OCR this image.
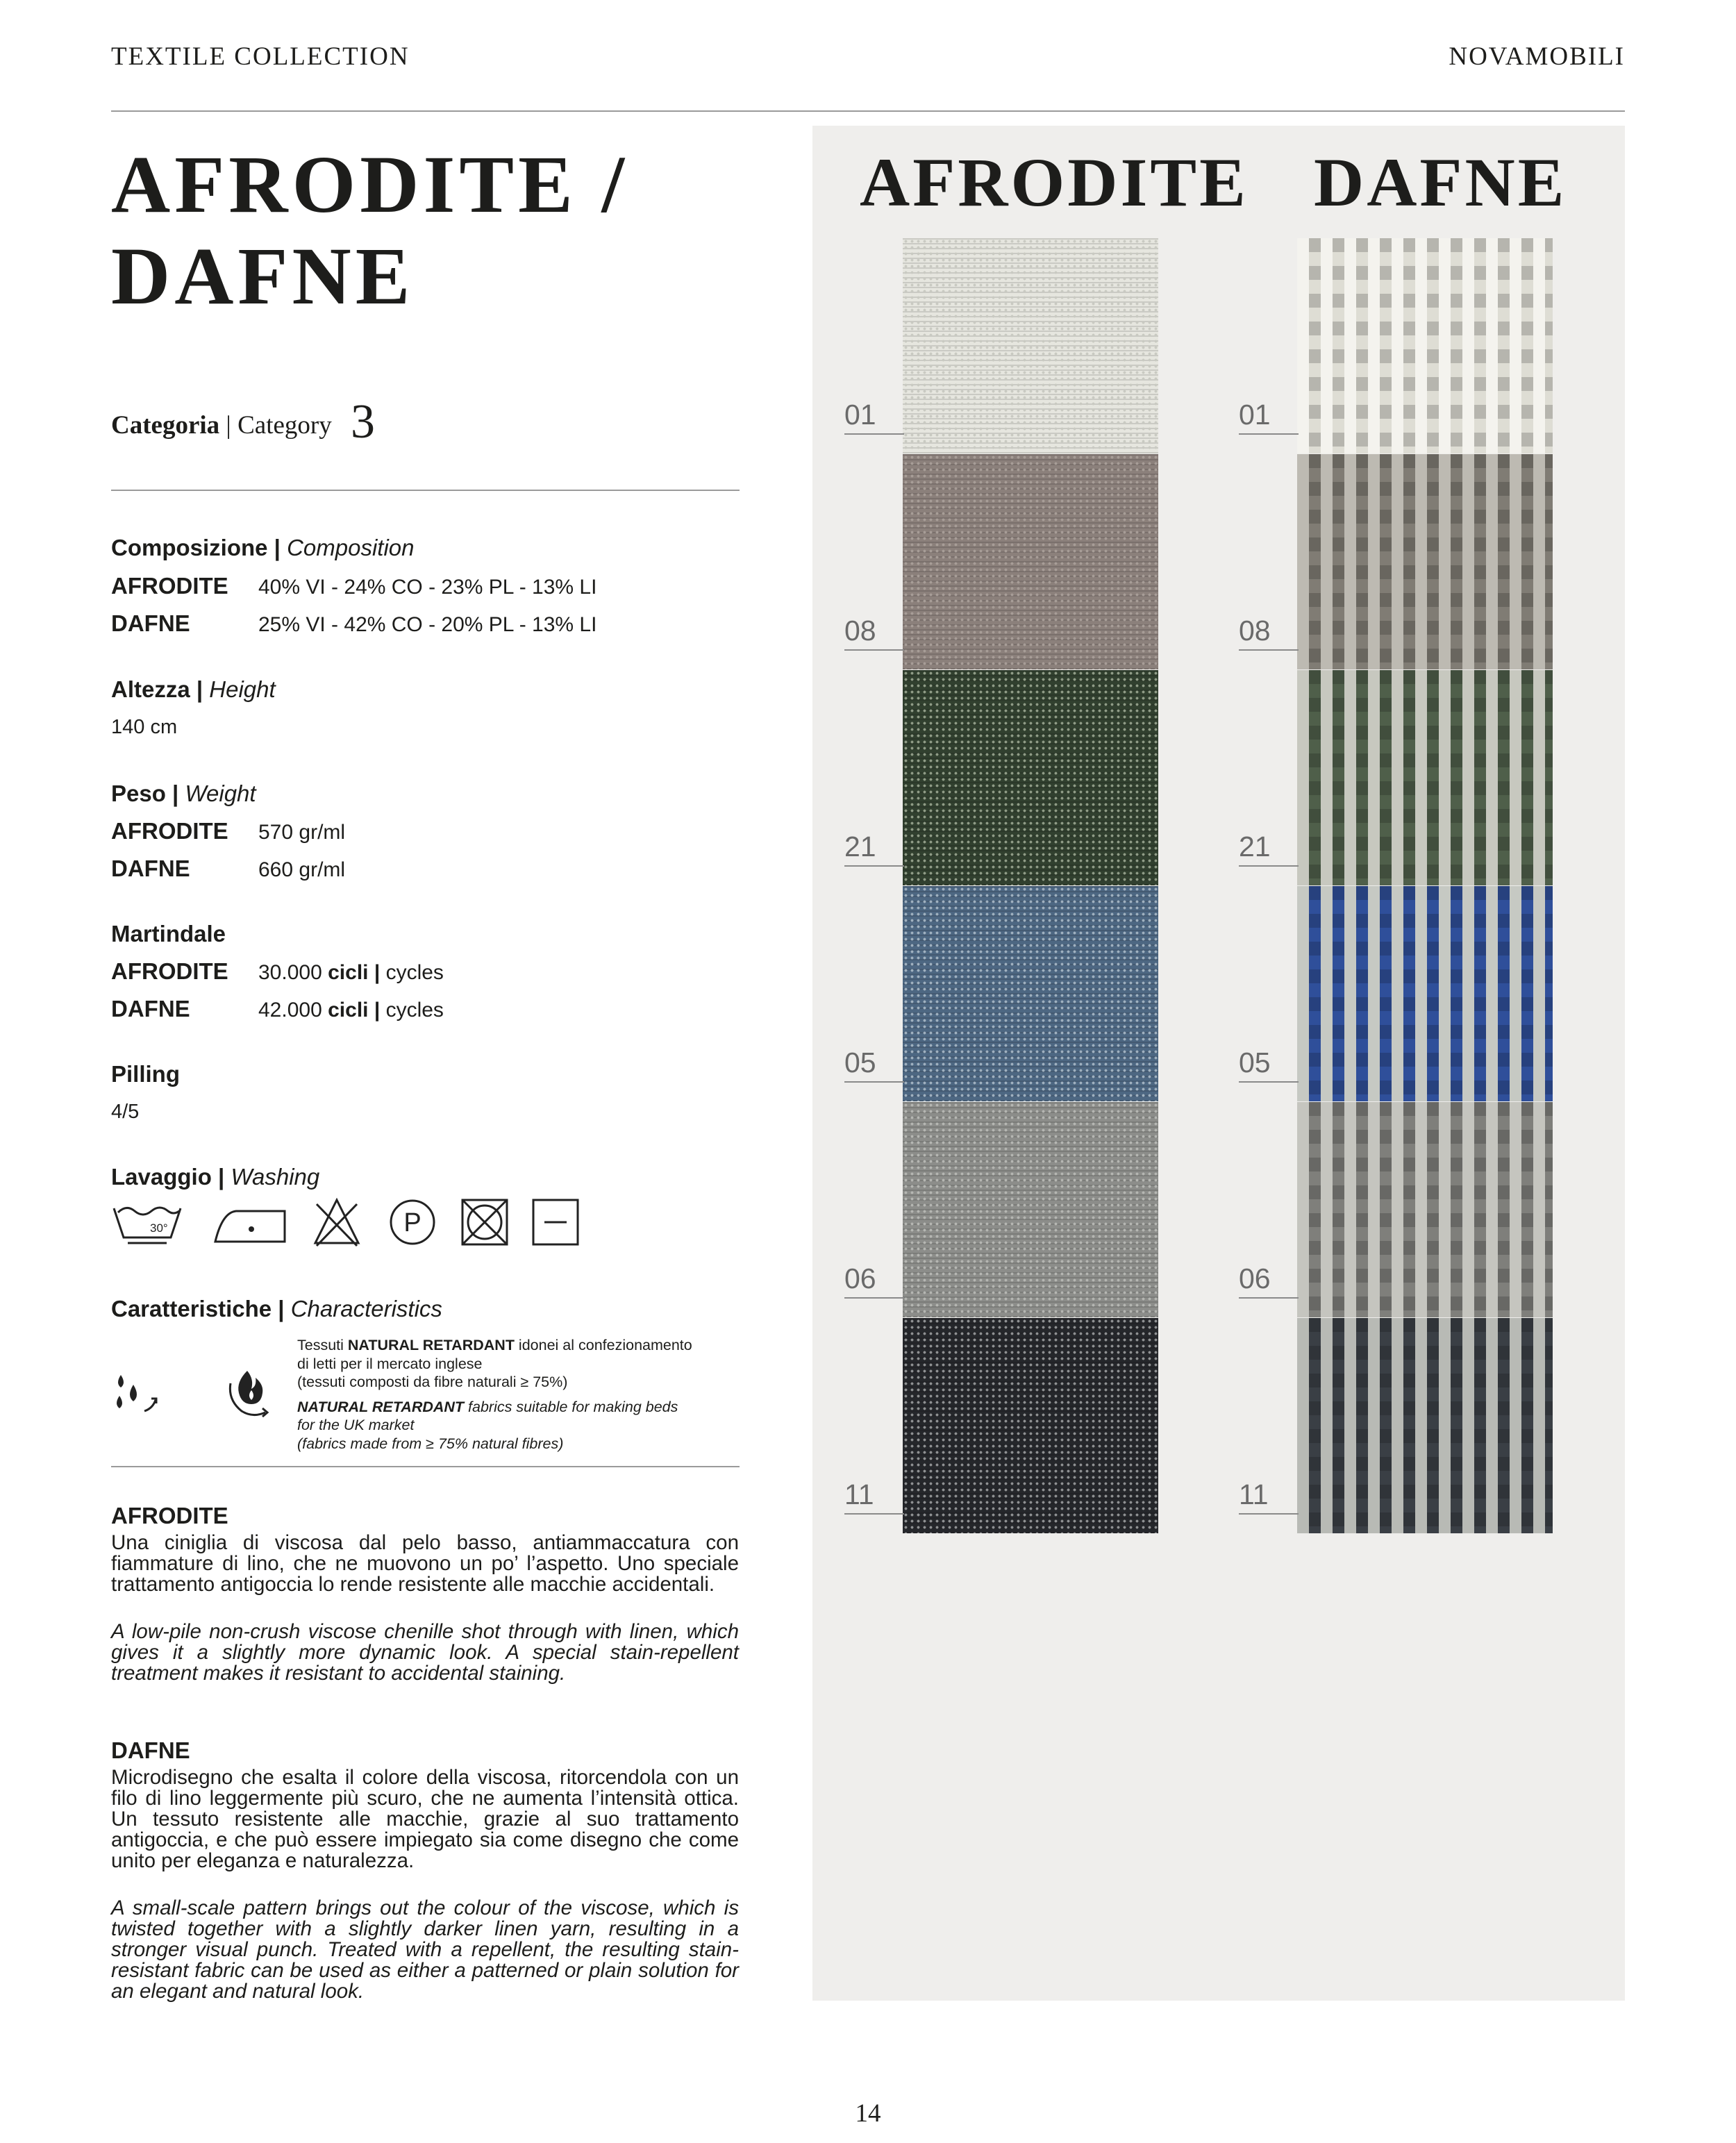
TEXTILE COLLECTION	NOVAMOBILI
AFRODITE /
DAFNE
Categoria | Category 3
Composizione | Composition
AFRODITE 40% VI - 24% CO - 23% PL - 13% LI
DAFNE	25% VI - 42% CO - 20% PL - 13% LI
Altezza | Height
140 cm
Peso | Weight
AFRODITE 570 gr/ml
DAFNE	660 gr/ml
Martindale
AFRODITE 30.000 cicli | cycles
DAFNE	42.000 cicli | cycles
Pilling
4/5
Lavaggio | Washing
30°	P
Caratteristiche | Characteristics

Tessuti NATURAL RETARDANT idonei al confezionamento
di letti per il mercato inglese
(tessuti composti da fibre naturali ≥ 75%)

NATURAL RETARDANT fabrics suitable for making beds
for the UK market
(fabrics made from ≥ 75% natural fibres)

AFRODITE
Una ciniglia di viscosa dal pelo basso, antiammaccatura con fiammature di lino, che ne muovono un po’ l’aspetto. Uno speciale trattamento antigoccia lo rende resistente alle macchie accidentali.
A low-pile non-crush viscose chenille shot through with linen, which gives it a slightly more dynamic look. A special stain-repellent treatment makes it resistant to accidental staining.
DAFNE
Microdisegno che esalta il colore della viscosa, ritorcendola con un filo di lino leggermente più scuro, che ne aumenta l’intensità ottica. Un tessuto resistente alle macchie, grazie al suo trattamento antigoccia, e che può essere impiegato sia come disegno che come unito per eleganza e naturalezza.
A small-scale pattern brings out the colour of the viscose, which is twisted together with a slightly darker linen yarn, resulting in a stronger visual punch. Treated with a repellent, the resulting stain-resistant fabric can be used as either a patterned or plain solution for an elegant and natural look.
AFRODITE DAFNE
01
08
21
05
06
11
01
08
21
05
06
11
14
